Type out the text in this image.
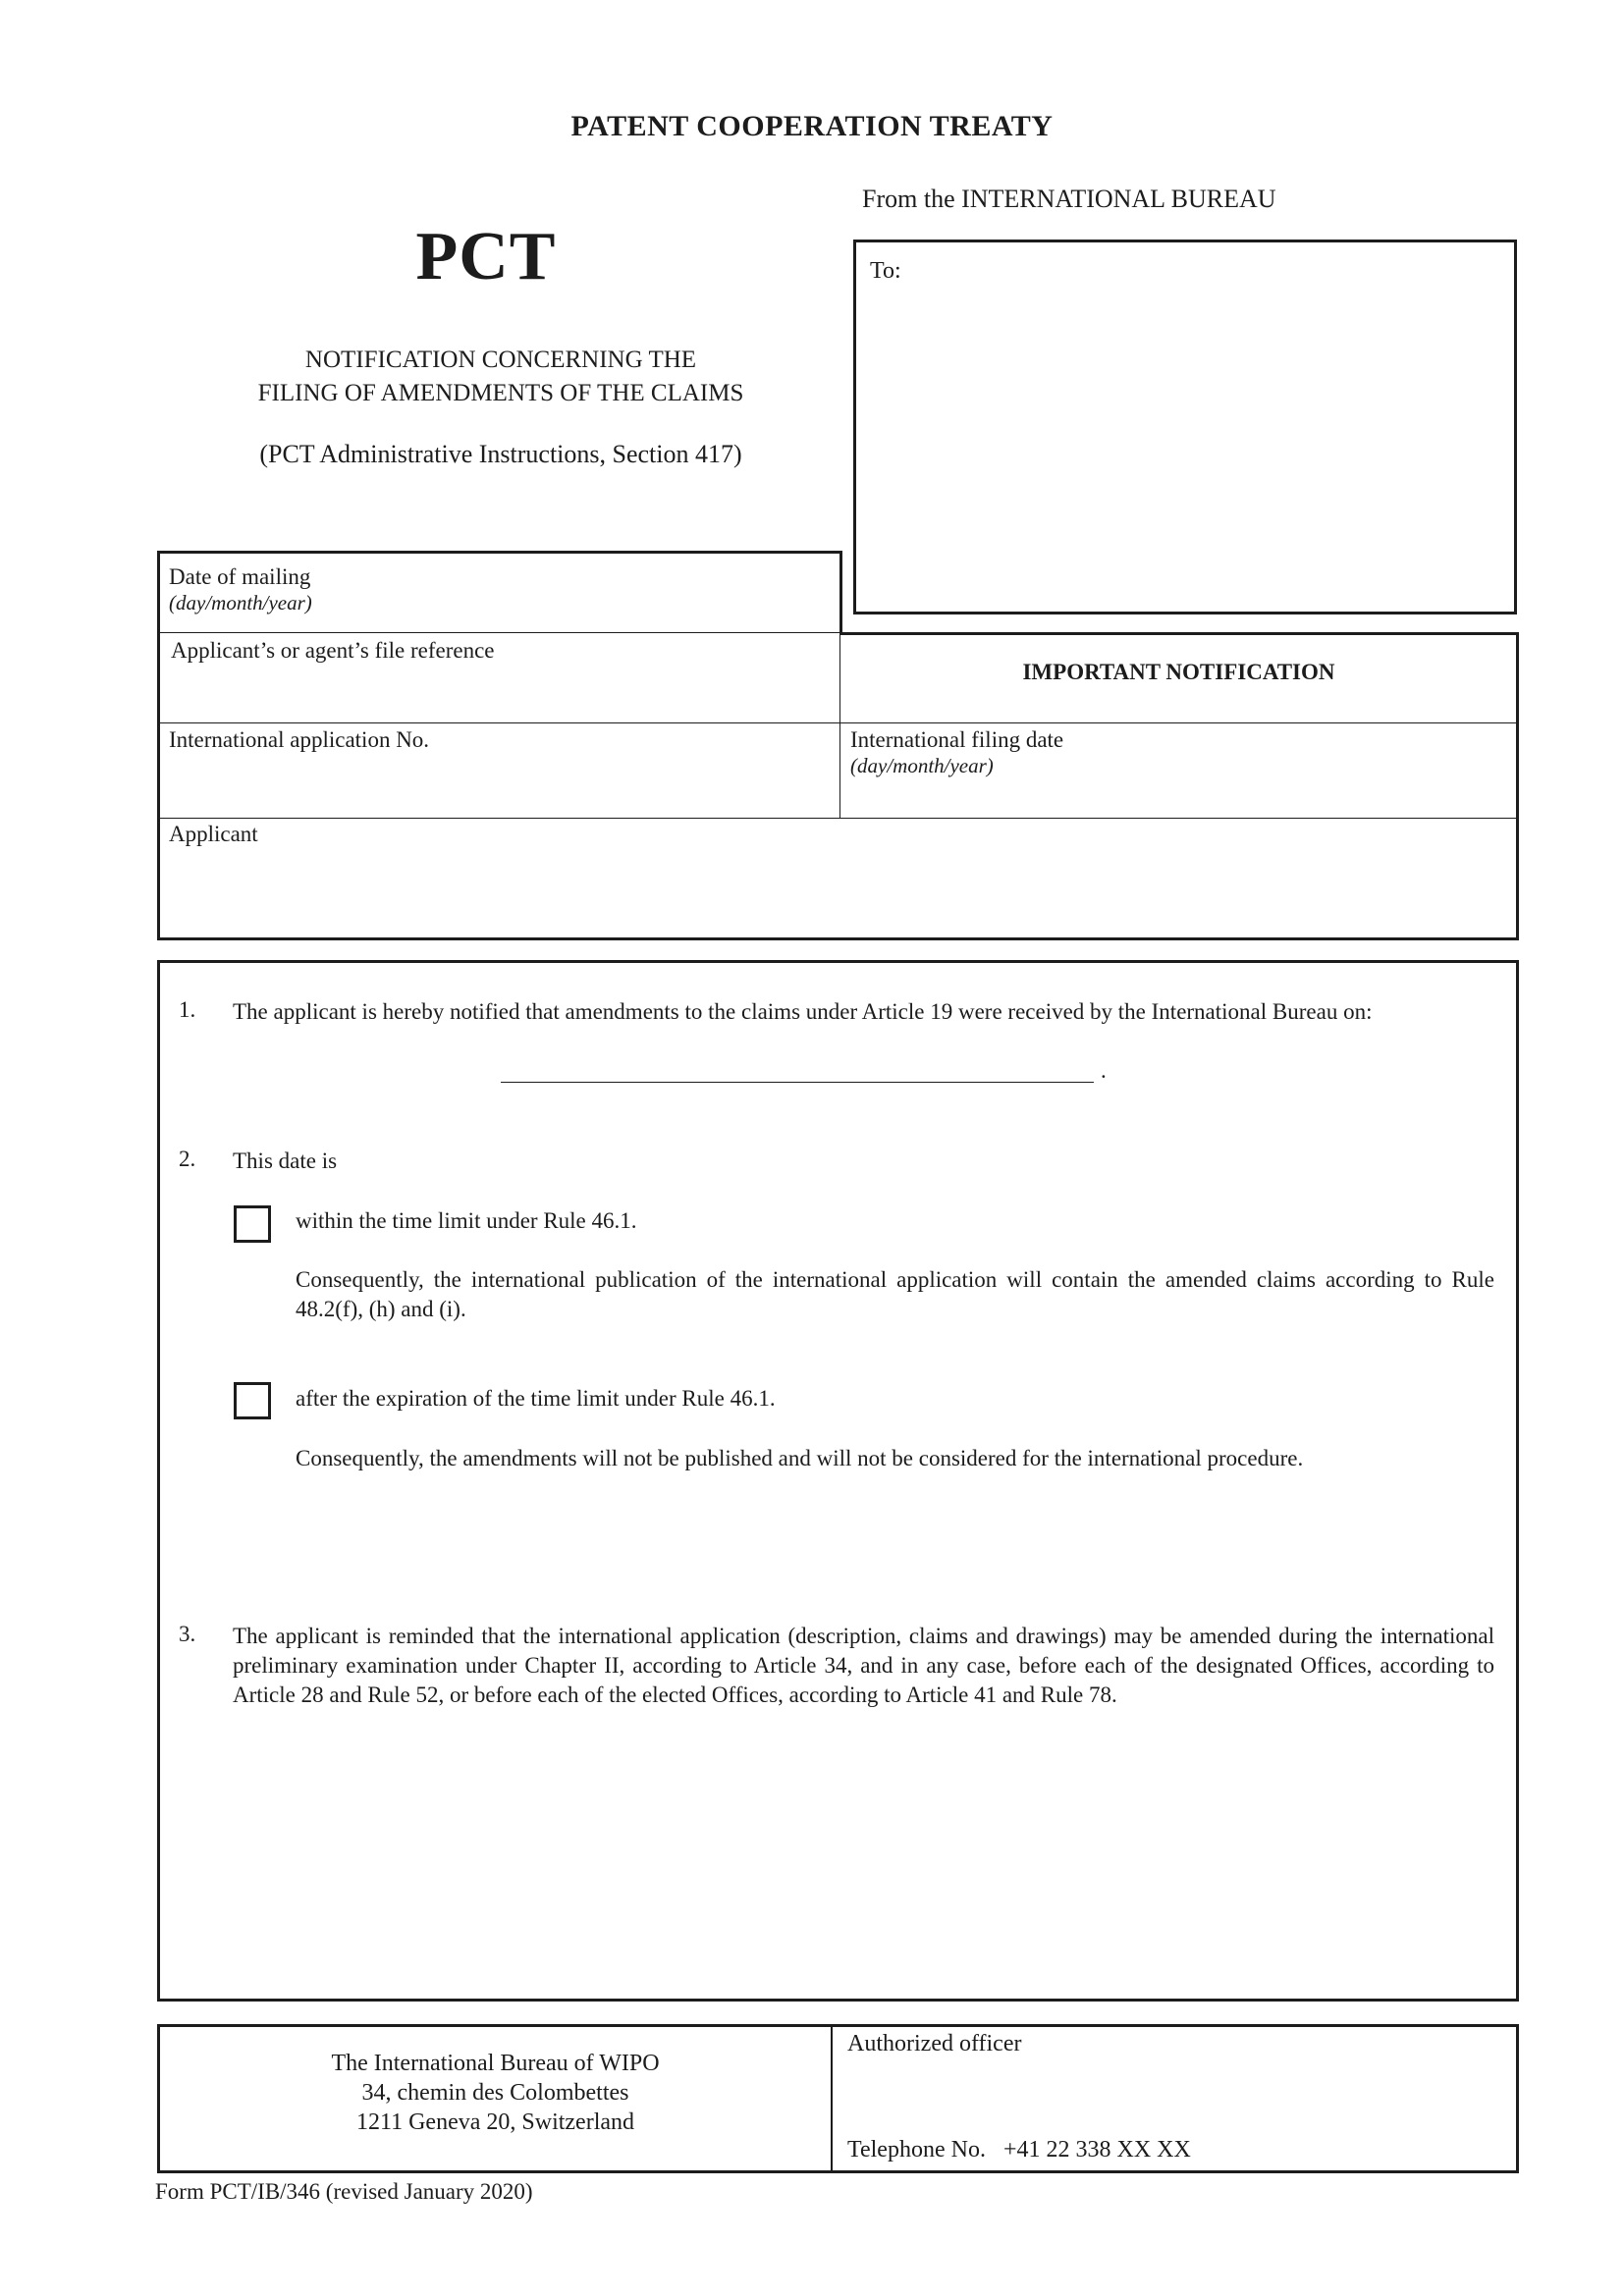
PATENT COOPERATION TREATY
From the INTERNATIONAL BUREAU
PCT
NOTIFICATION CONCERNING THE
FILING OF AMENDMENTS OF THE CLAIMS
(PCT Administrative Instructions, Section 417)
To:
Date of mailing
(day/month/year)
Applicant’s or agent’s file reference
International application No.	International filing date
(day/month/year)
Applicant
IMPORTANT NOTIFICATION
1. The applicant is hereby notified that amendments to the claims under Article 19 were received by the International Bureau on:
.
2. This date is
within the time limit under Rule 46.1.
Consequently, the international publication of the international application will contain the amended claims according to Rule 48.2(f), (h) and (i).
after the expiration of the time limit under Rule 46.1.
Consequently, the amendments will not be published and will not be considered for the international procedure.
3. The applicant is reminded that the international application (description, claims and drawings) may be amended during the international preliminary examination under Chapter II, according to Article 34, and in any case, before each of the designated Offices, according to Article 28 and Rule 52, or before each of the elected Offices, according to Article 41 and Rule 78.
The International Bureau of WIPO
34, chemin des Colombettes
1211 Geneva 20, Switzerland
Authorized officer
Telephone No. +41 22 338 XX XX
Form PCT/IB/346 (revised January 2020)
